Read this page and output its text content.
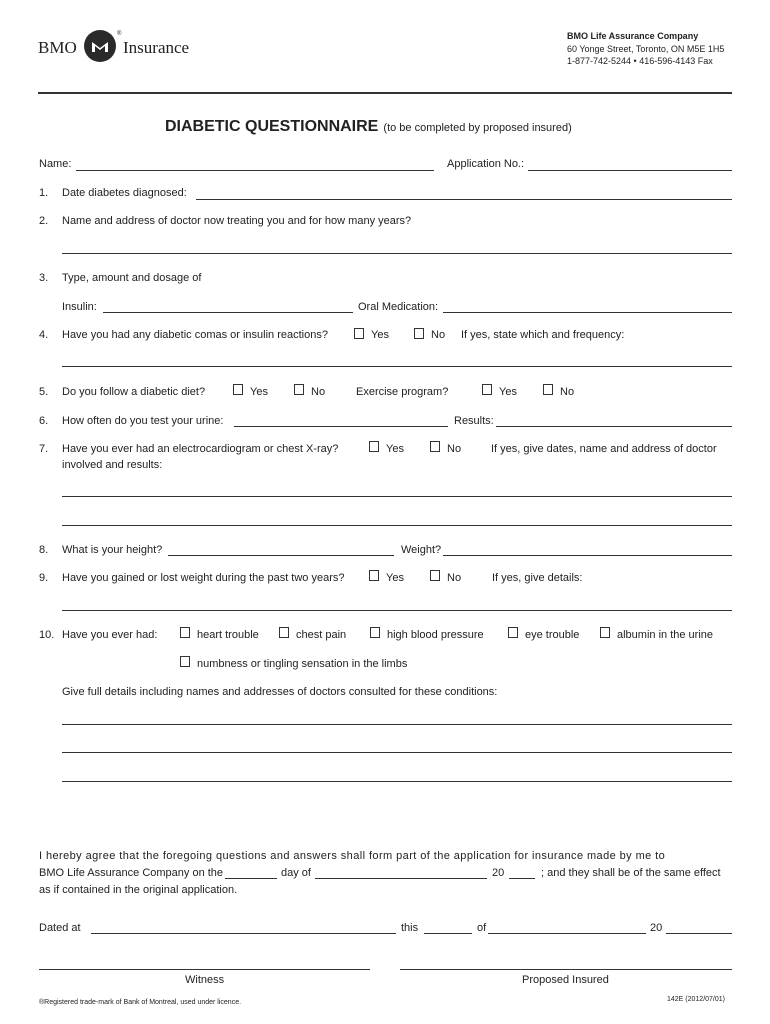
BMO
®
Insurance
BMO Life Assurance Company
60 Yonge Street, Toronto, ON M5E 1H5
1-877-742-5244 • 416-596-4143 Fax
DIABETIC QUESTIONNAIRE (to be completed by proposed insured)
Name:	Application No.:
1. Date diabetes diagnosed:
2. Name and address of doctor now treating you and for how many years?
3. Type, amount and dosage of
Insulin:	Oral Medication:
4. Have you had any diabetic comas or insulin reactions?	Yes	No If yes, state which and frequency:
5. Do you follow a diabetic diet?	Yes	No	Exercise program?	Yes	No
6. How often do you test your urine:	Results:
7. Have you ever had an electrocardiogram or chest X-ray?	Yes	No	If yes, give dates, name and address of doctor
involved and results:
8. What is your height?	Weight?
9. Have you gained or lost weight during the past two years?	Yes	No	If yes, give details:
10. Have you ever had:	heart trouble	chest pain	high blood pressure	eye trouble	albumin in the urine
numbness or tingling sensation in the limbs
Give full details including names and addresses of doctors consulted for these conditions:
I hereby agree that the foregoing questions and answers shall form part of the application for insurance made by me to
BMO Life Assurance Company on the	day of	20	; and they shall be of the same effect
as if contained in the original application.
Dated at	this	of	20
Witness	Proposed Insured
®Registered trade-mark of Bank of Montreal, used under licence.	142E (2012/07/01)
